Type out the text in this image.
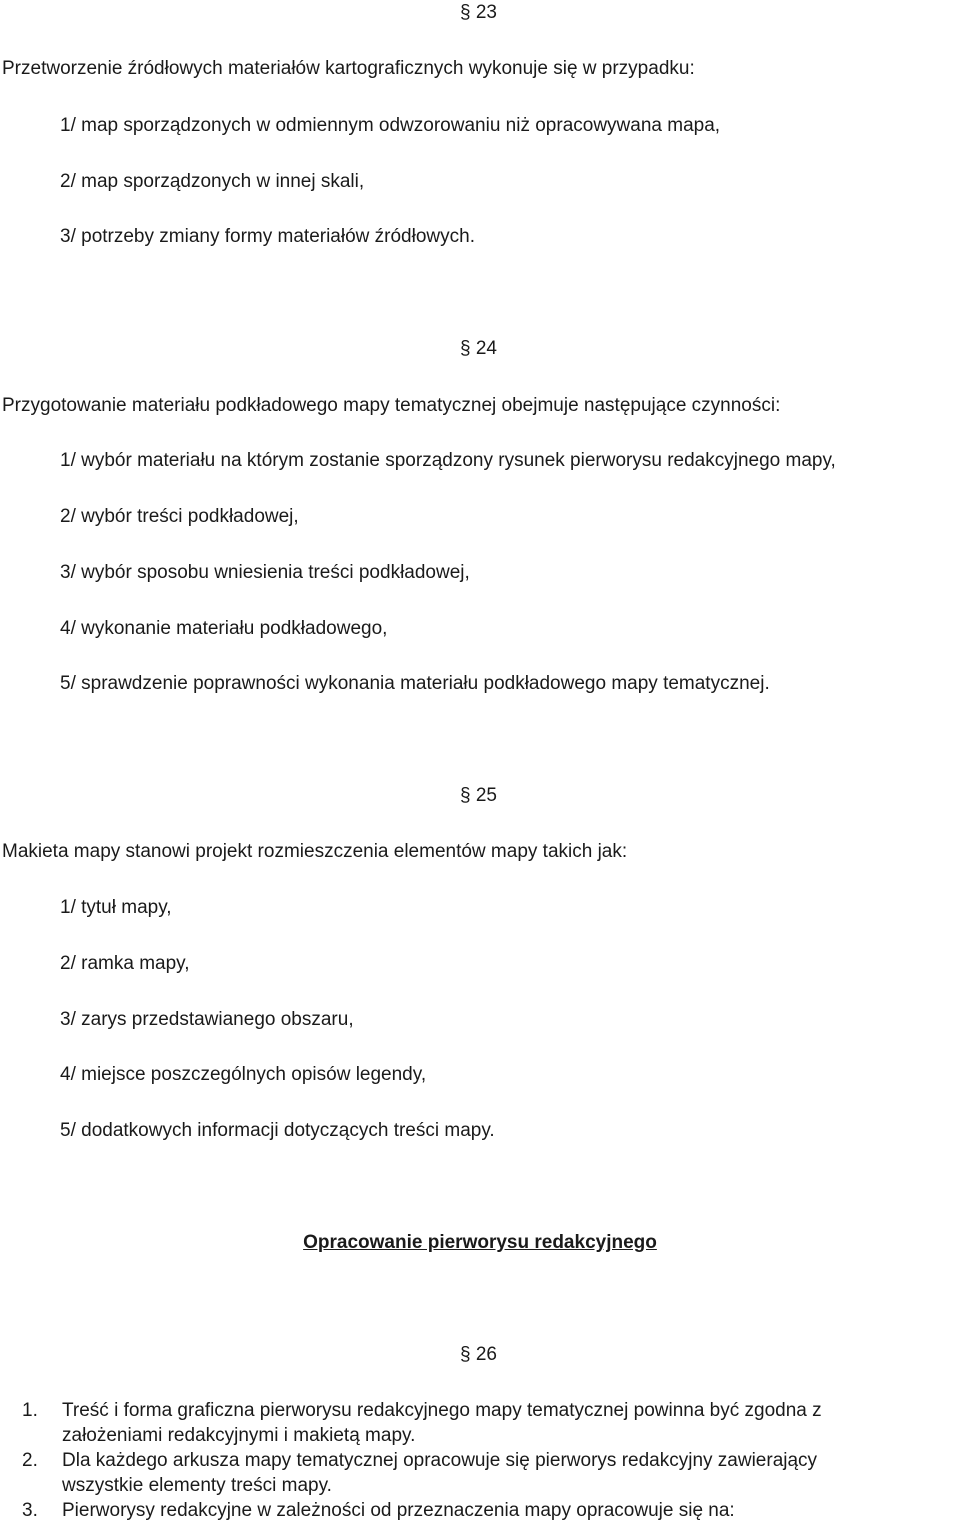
§ 23
Przetworzenie źródłowych materiałów kartograficznych wykonuje się w przypadku:
1/ map sporządzonych w odmiennym odwzorowaniu niż opracowywana mapa,
2/ map sporządzonych w innej skali,
3/ potrzeby zmiany formy materiałów źródłowych.
§ 24
Przygotowanie materiału podkładowego mapy tematycznej obejmuje następujące czynności:
1/ wybór materiału na którym zostanie sporządzony rysunek pierworysu redakcyjnego mapy,
2/ wybór treści podkładowej,
3/ wybór sposobu wniesienia treści podkładowej,
4/ wykonanie materiału podkładowego,
5/ sprawdzenie poprawności wykonania materiału podkładowego mapy tematycznej.
§ 25
Makieta mapy stanowi projekt rozmieszczenia elementów mapy takich jak:
1/ tytuł mapy,
2/ ramka mapy,
3/ zarys przedstawianego obszaru,
4/ miejsce poszczególnych opisów legendy,
5/ dodatkowych informacji dotyczących treści mapy.
Opracowanie pierworysu redakcyjnego
§ 26
1. Treść i forma graficzna pierworysu redakcyjnego mapy tematycznej powinna być zgodna z
założeniami redakcyjnymi i makietą mapy.
2. Dla każdego arkusza mapy tematycznej opracowuje się pierworys redakcyjny zawierający
wszystkie elementy treści mapy.
3. Pierworysy redakcyjne w zależności od przeznaczenia mapy opracowuje się na:
